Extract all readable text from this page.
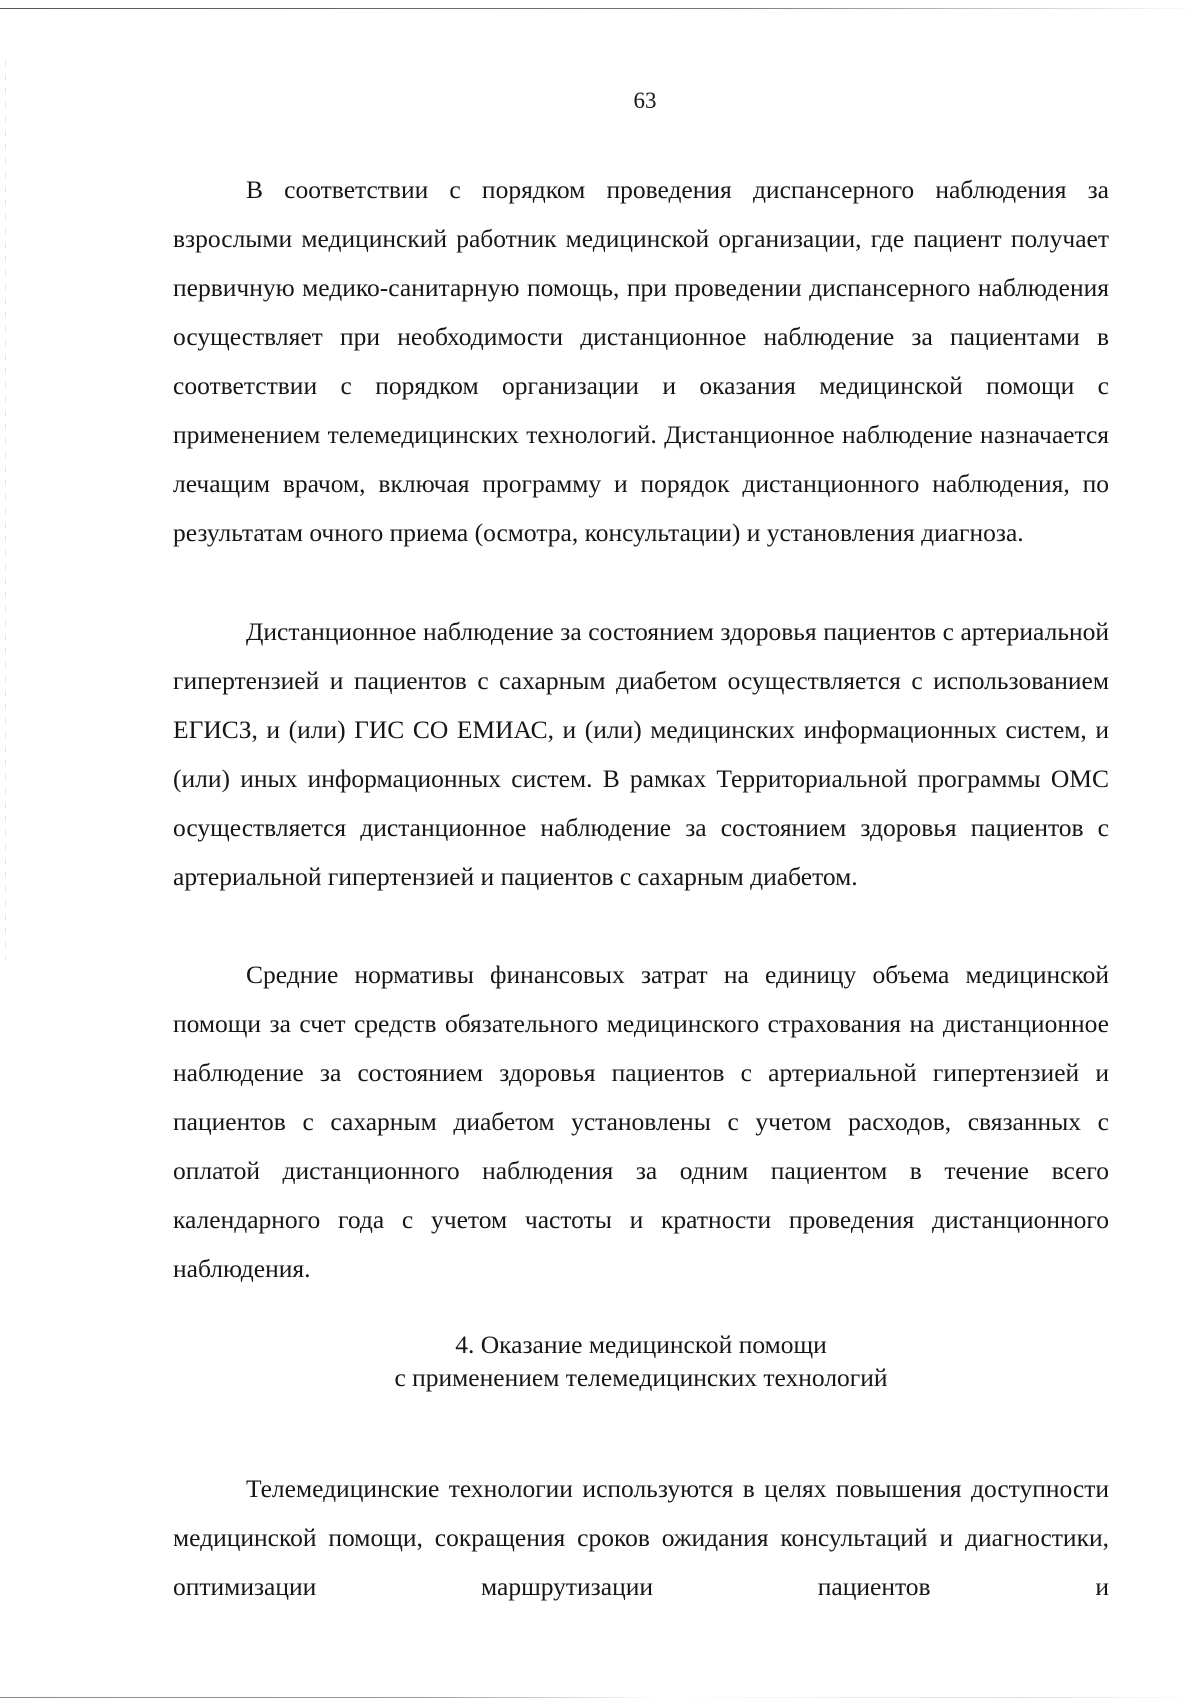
63

В соответствии с порядком проведения диспансерного наблюдения за взрослыми медицинский работник медицинской организации, где пациент получает первичную медико-санитарную помощь, при проведении диспансерного наблюдения осуществляет при необходимости дистанционное наблюдение за пациентами в соответствии с порядком организации и оказания медицинской помощи с применением телемедицинских технологий. Дистанционное наблюдение назначается лечащим врачом, включая программу и порядок дистанционного наблюдения, по результатам очного приема (осмотра, консультации) и установления диагноза.

Дистанционное наблюдение за состоянием здоровья пациентов с артериальной гипертензией и пациентов с сахарным диабетом осуществляется с использованием ЕГИСЗ, и (или) ГИС СО ЕМИАС, и (или) медицинских информационных систем, и (или) иных информационных систем. В рамках Территориальной программы ОМС осуществляется дистанционное наблюдение за состоянием здоровья пациентов с артериальной гипертензией и пациентов с сахарным диабетом.

Средние нормативы финансовых затрат на единицу объема медицинской помощи за счет средств обязательного медицинского страхования на дистанционное наблюдение за состоянием здоровья пациентов с артериальной гипертензией и пациентов с сахарным диабетом установлены с учетом расходов, связанных с оплатой дистанционного наблюдения за одним пациентом в течение всего календарного года с учетом частоты и кратности проведения дистанционного наблюдения.

4. Оказание медицинской помощи
с применением телемедицинских технологий

Телемедицинские технологии используются в целях повышения доступности медицинской помощи, сокращения сроков ожидания консультаций и диагностики, оптимизации маршрутизации пациентов и
